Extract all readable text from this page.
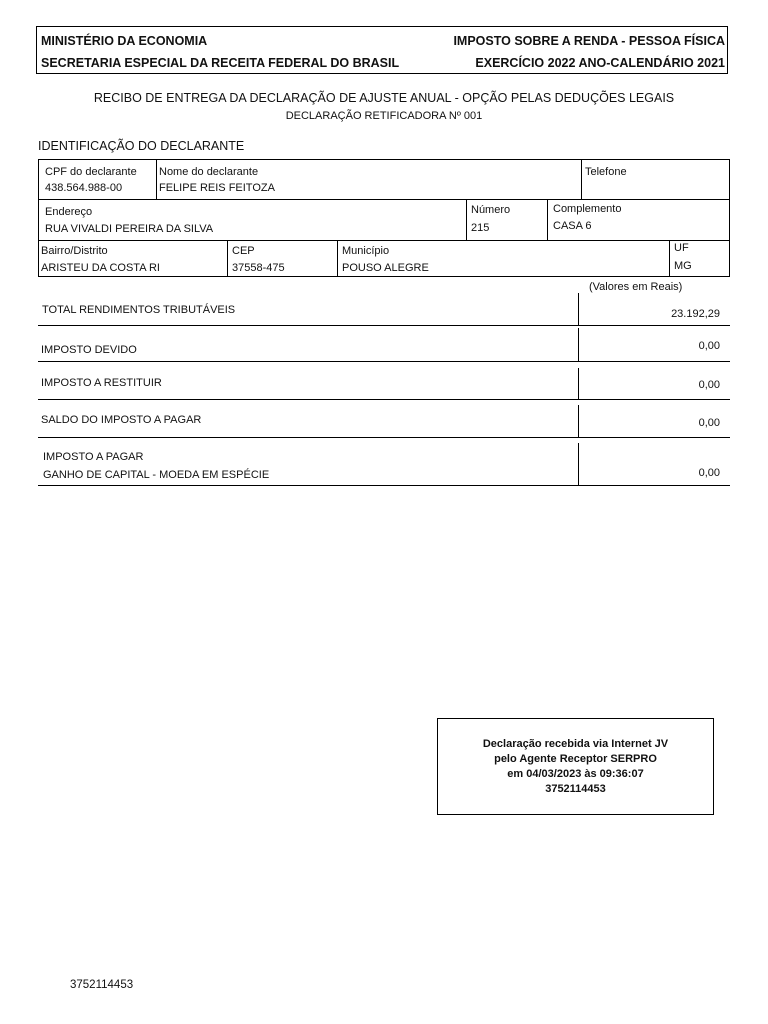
MINISTÉRIO DA ECONOMIA	IMPOSTO SOBRE A RENDA - PESSOA FÍSICA
SECRETARIA ESPECIAL DA RECEITA FEDERAL DO BRASIL	EXERCÍCIO 2022 ANO-CALENDÁRIO 2021
RECIBO DE ENTREGA DA DECLARAÇÃO DE AJUSTE ANUAL - OPÇÃO PELAS DEDUÇÕES LEGAIS
DECLARAÇÃO RETIFICADORA Nº 001
IDENTIFICAÇÃO DO DECLARANTE
CPF do declarante
438.564.988-00
Nome do declarante
FELIPE REIS FEITOZA
Telefone
Endereço
RUA VIVALDI PEREIRA DA SILVA
Número
215
Complemento
CASA 6
Bairro/Distrito
ARISTEU DA COSTA RI
CEP
37558-475
Município
POUSO ALEGRE
UF
MG
(Valores em Reais)
TOTAL RENDIMENTOS TRIBUTÁVEIS	23.192,29
IMPOSTO DEVIDO	0,00
IMPOSTO A RESTITUIR	0,00
SALDO DO IMPOSTO A PAGAR	0,00
IMPOSTO A PAGAR
GANHO DE CAPITAL - MOEDA EM ESPÉCIE	0,00
Declaração recebida via Internet JV
pelo Agente Receptor SERPRO
em 04/03/2023 às 09:36:07
3752114453
3752114453
